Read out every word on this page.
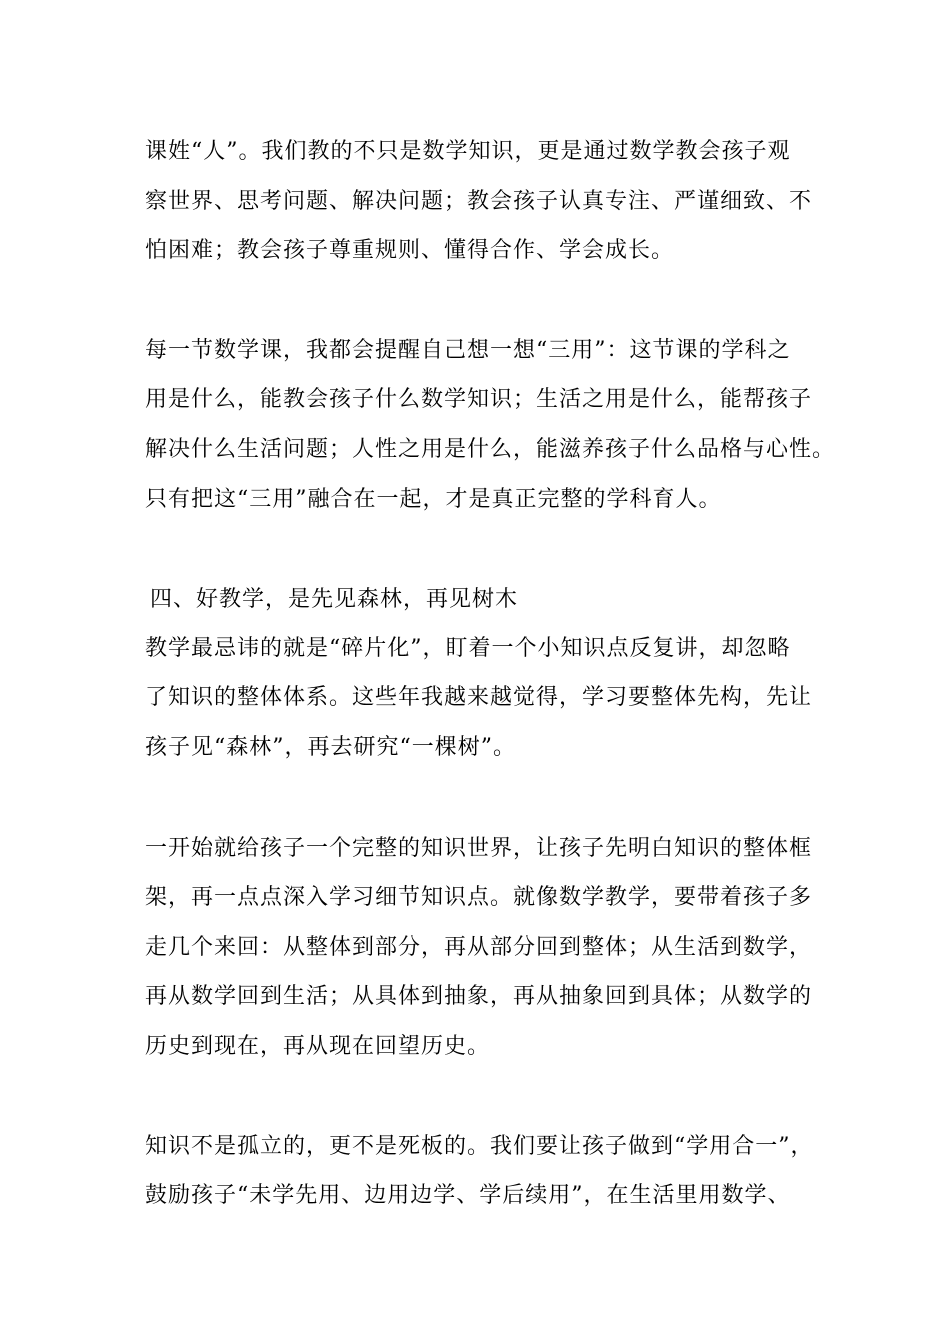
课姓“人”。我们教的不只是数学知识，更是通过数学教会孩子观
察世界、思考问题、解决问题；教会孩子认真专注、严谨细致、不
怕困难；教会孩子尊重规则、懂得合作、学会成长。
每一节数学课，我都会提醒自己想一想“三用”：这节课的学科之
用是什么，能教会孩子什么数学知识；生活之用是什么，能帮孩子
解决什么生活问题；人性之用是什么，能滋养孩子什么品格与心性。
只有把这“三用”融合在一起，才是真正完整的学科育人。
四、好教学，是先见森林，再见树木
教学最忌讳的就是“碎片化”，盯着一个小知识点反复讲，却忽略
了知识的整体体系。这些年我越来越觉得，学习要整体先构，先让
孩子见“森林”，再去研究“一棵树”。
一开始就给孩子一个完整的知识世界，让孩子先明白知识的整体框
架，再一点点深入学习细节知识点。就像数学教学，要带着孩子多
走几个来回：从整体到部分，再从部分回到整体；从生活到数学，
再从数学回到生活；从具体到抽象，再从抽象回到具体；从数学的
历史到现在，再从现在回望历史。
知识不是孤立的，更不是死板的。我们要让孩子做到“学用合一”，
鼓励孩子“未学先用、边用边学、学后续用”，在生活里用数学、
